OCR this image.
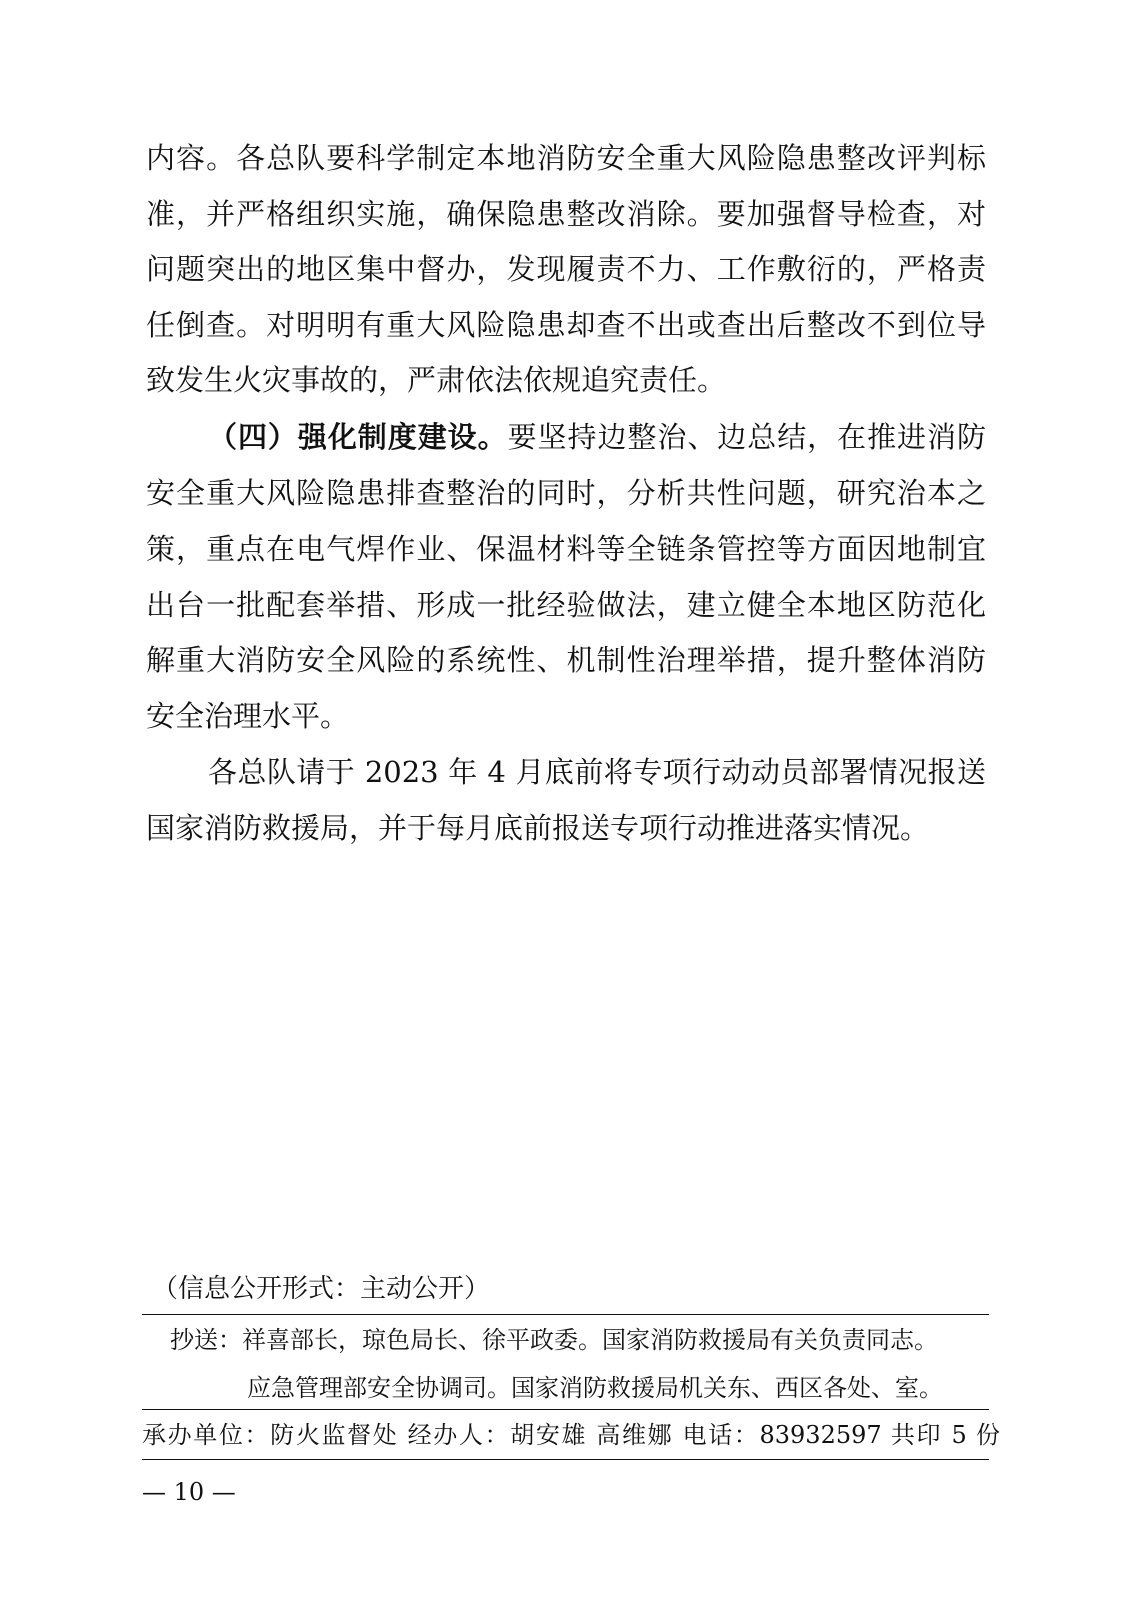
内容。各总队要科学制定本地消防安全重大风险隐患整改评判标
准，并严格组织实施，确保隐患整改消除。要加强督导检查，对
问题突出的地区集中督办，发现履责不力、工作敷衍的，严格责
任倒查。对明明有重大风险隐患却查不出或查出后整改不到位导
致发生火灾事故的，严肃依法依规追究责任。
（四）强化制度建设。要坚持边整治、边总结，在推进消防
安全重大风险隐患排查整治的同时，分析共性问题，研究治本之
策，重点在电气焊作业、保温材料等全链条管控等方面因地制宜
出台一批配套举措、形成一批经验做法，建立健全本地区防范化
解重大消防安全风险的系统性、机制性治理举措，提升整体消防
安全治理水平。
各总队请于 2023 年 4 月底前将专项行动动员部署情况报送
国家消防救援局，并于每月底前报送专项行动推进落实情况。
（信息公开形式：主动公开）
抄送：祥喜部长，琼色局长、徐平政委。国家消防救援局有关负责同志。
应急管理部安全协调司。国家消防救援局机关东、西区各处、室。
承办单位：防火监督处 经办人：胡安雄 高维娜 电话：83932597 共印 5 份
— 10 —
